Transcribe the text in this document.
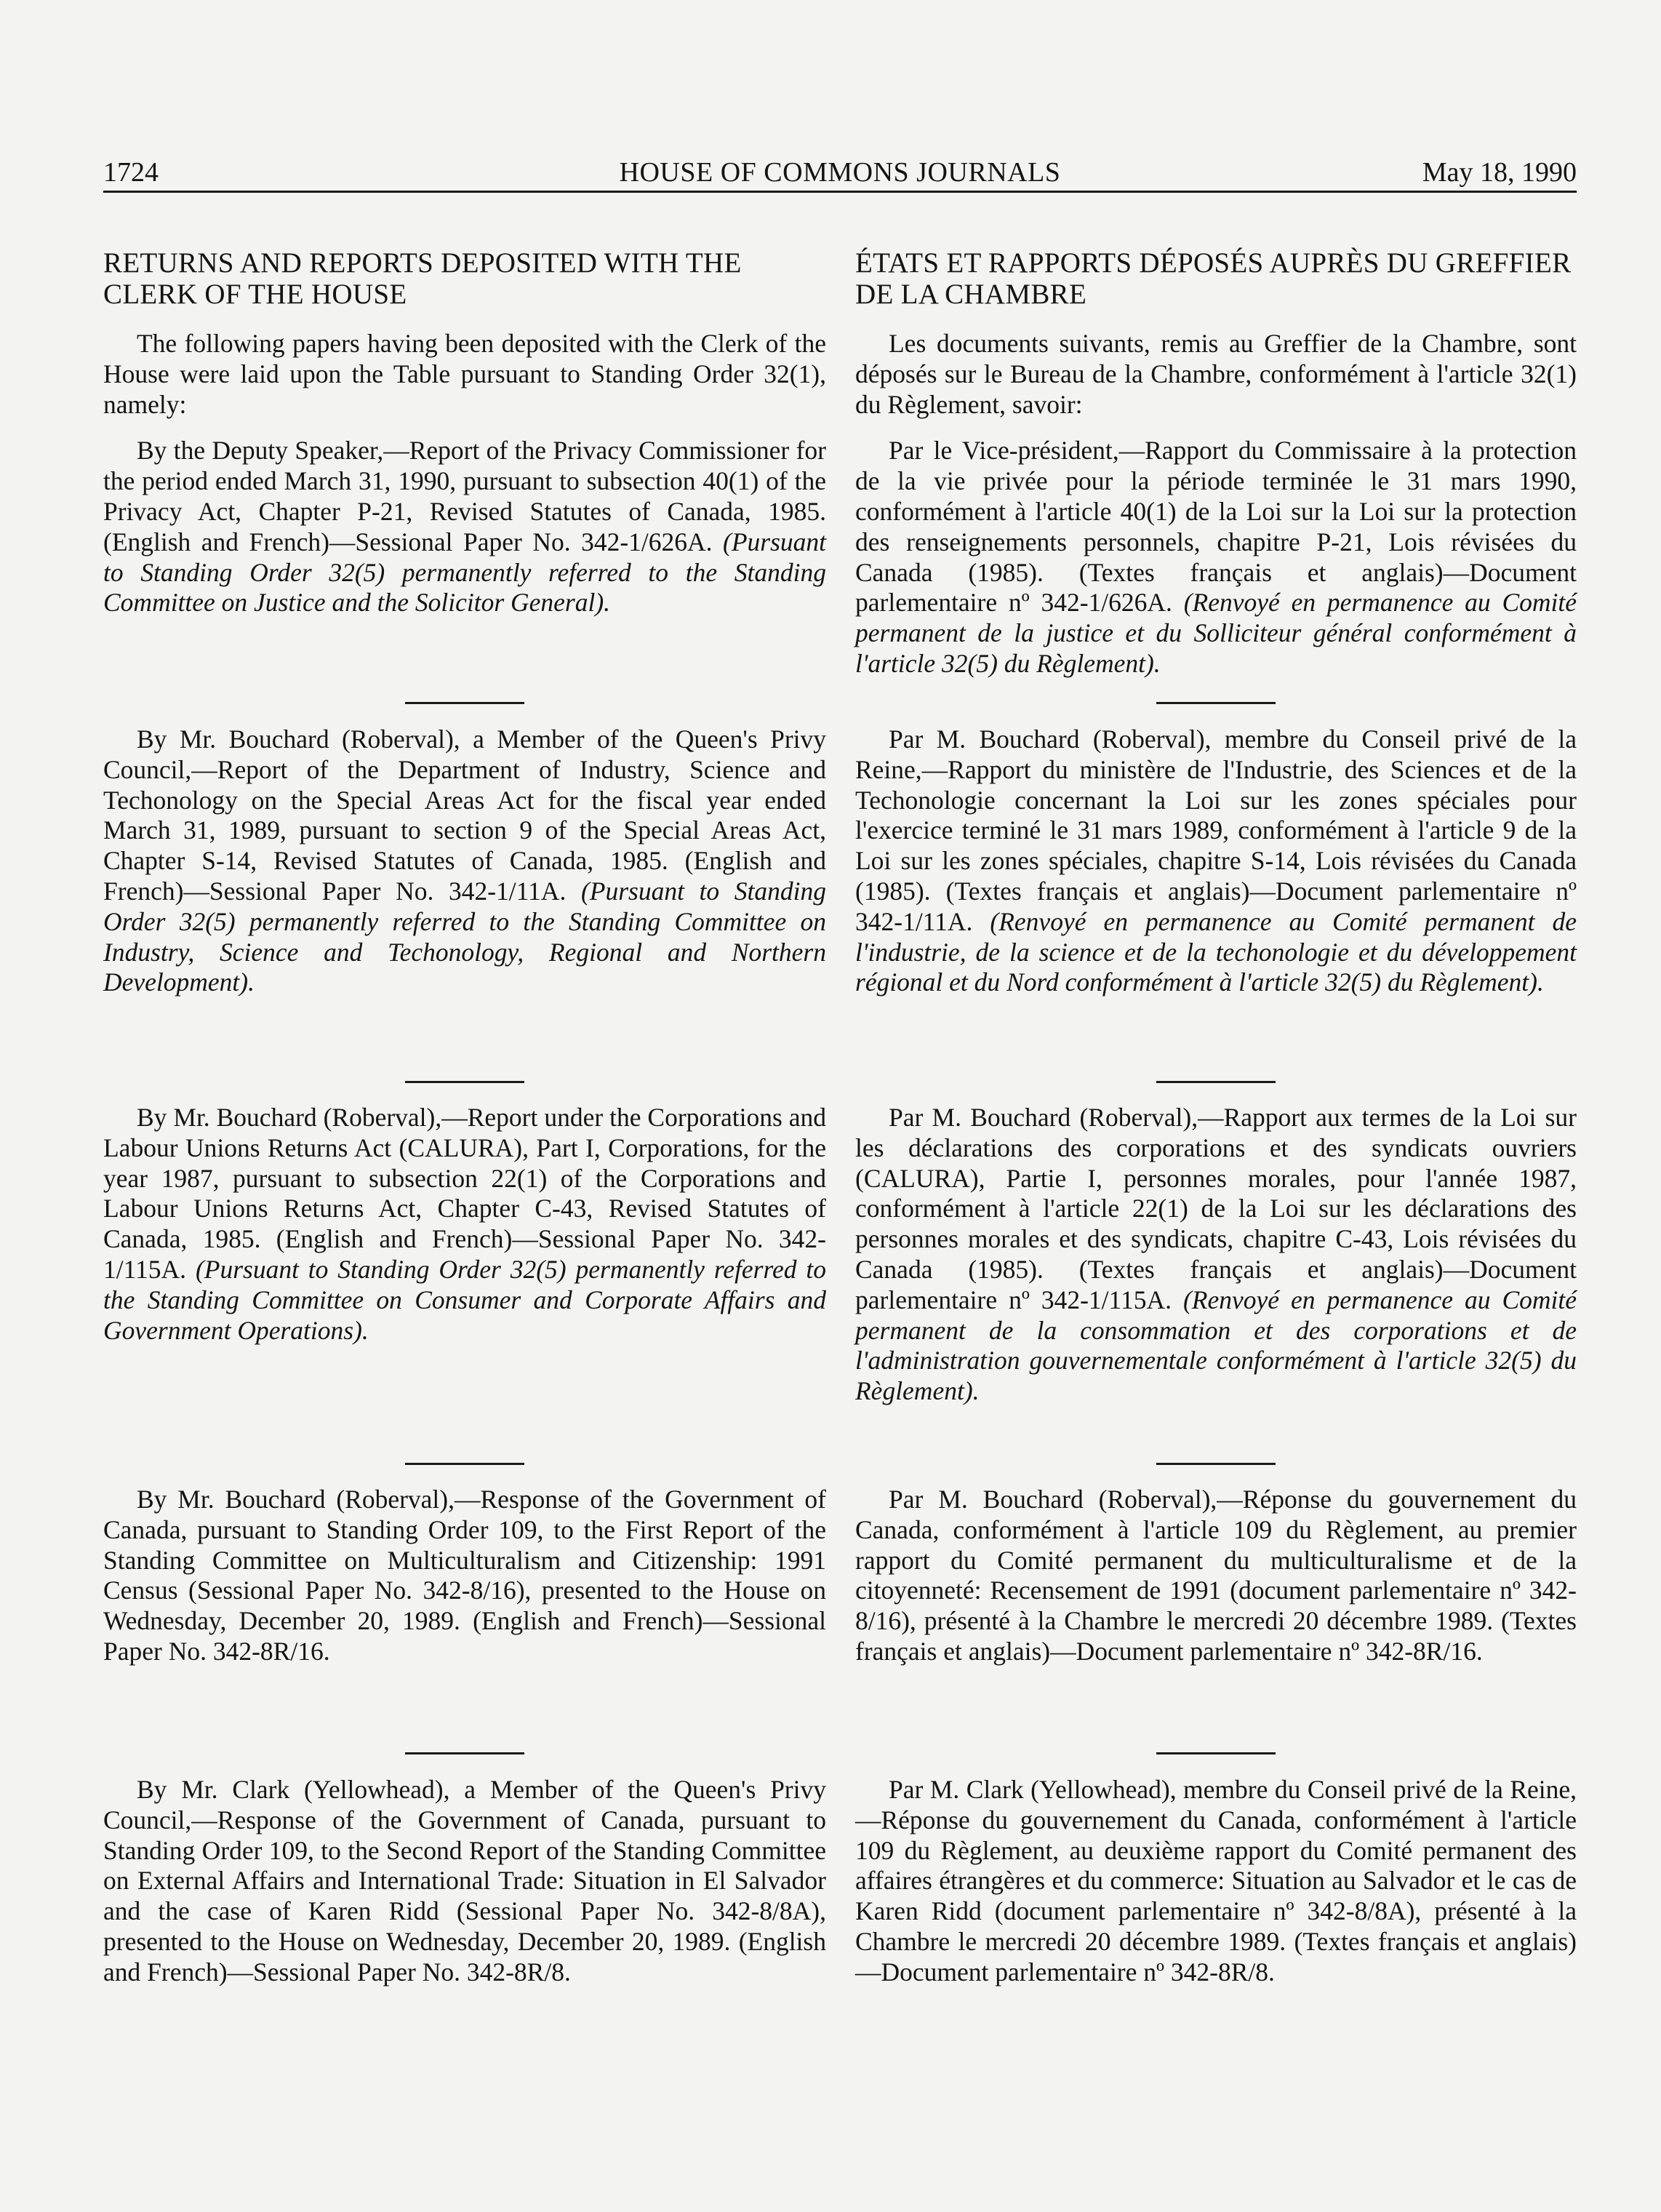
1724	HOUSE OF COMMONS JOURNALS	May 18, 1990
RETURNS AND REPORTS DEPOSITED WITH THE CLERK OF THE HOUSE

The following papers having been deposited with the Clerk of the House were laid upon the Table pursuant to Standing Order 32(1), namely:

By the Deputy Speaker,—Report of the Privacy Commissioner for the period ended March 31, 1990, pursuant to subsection 40(1) of the Privacy Act, Chapter P-21, Revised Statutes of Canada, 1985. (English and French)—Sessional Paper No. 342-1/626A. (Pursuant to Standing Order 32(5) permanently referred to the Standing Committee on Justice and the Solicitor General).

By Mr. Bouchard (Roberval), a Member of the Queen's Privy Council,—Report of the Department of Industry, Science and Techonology on the Special Areas Act for the fiscal year ended March 31, 1989, pursuant to section 9 of the Special Areas Act, Chapter S-14, Revised Statutes of Canada, 1985. (English and French)—Sessional Paper No. 342-1/11A. (Pursuant to Standing Order 32(5) permanently referred to the Standing Committee on Industry, Science and Techonology, Regional and Northern Development).

By Mr. Bouchard (Roberval),—Report under the Corporations and Labour Unions Returns Act (CALURA), Part I, Corporations, for the year 1987, pursuant to subsection 22(1) of the Corporations and Labour Unions Returns Act, Chapter C-43, Revised Statutes of Canada, 1985. (English and French)—Sessional Paper No. 342-1/115A. (Pursuant to Standing Order 32(5) permanently referred to the Standing Committee on Consumer and Corporate Affairs and Government Operations).

By Mr. Bouchard (Roberval),—Response of the Government of Canada, pursuant to Standing Order 109, to the First Report of the Standing Committee on Multiculturalism and Citizenship: 1991 Census (Sessional Paper No. 342-8/16), presented to the House on Wednesday, December 20, 1989. (English and French)—Sessional Paper No. 342-8R/16.

By Mr. Clark (Yellowhead), a Member of the Queen's Privy Council,—Response of the Government of Canada, pursuant to Standing Order 109, to the Second Report of the Standing Committee on External Affairs and International Trade: Situation in El Salvador and the case of Karen Ridd (Sessional Paper No. 342-8/8A), presented to the House on Wednesday, December 20, 1989. (English and French)—Sessional Paper No. 342-8R/8.

ÉTATS ET RAPPORTS DÉPOSÉS AUPRÈS DU GREFFIER DE LA CHAMBRE

Les documents suivants, remis au Greffier de la Chambre, sont déposés sur le Bureau de la Chambre, conformément à l'article 32(1) du Règlement, savoir:

Par le Vice-président,—Rapport du Commissaire à la protection de la vie privée pour la période terminée le 31 mars 1990, conformément à l'article 40(1) de la Loi sur la Loi sur la protection des renseignements personnels, chapitre P-21, Lois révisées du Canada (1985). (Textes français et anglais)—Document parlementaire nº 342-1/626A. (Renvoyé en permanence au Comité permanent de la justice et du Solliciteur général conformément à l'article 32(5) du Règlement).

Par M. Bouchard (Roberval), membre du Conseil privé de la Reine,—Rapport du ministère de l'Industrie, des Sciences et de la Techonologie concernant la Loi sur les zones spéciales pour l'exercice terminé le 31 mars 1989, conformément à l'article 9 de la Loi sur les zones spéciales, chapitre S-14, Lois révisées du Canada (1985). (Textes français et anglais)—Document parlementaire nº 342-1/11A. (Renvoyé en permanence au Comité permanent de l'industrie, de la science et de la techonologie et du développement régional et du Nord conformément à l'article 32(5) du Règlement).

Par M. Bouchard (Roberval),—Rapport aux termes de la Loi sur les déclarations des corporations et des syndicats ouvriers (CALURA), Partie I, personnes morales, pour l'année 1987, conformément à l'article 22(1) de la Loi sur les déclarations des personnes morales et des syndicats, chapitre C-43, Lois révisées du Canada (1985). (Textes français et anglais)—Document parlementaire nº 342-1/115A. (Renvoyé en permanence au Comité permanent de la consommation et des corporations et de l'administration gouvernementale conformément à l'article 32(5) du Règlement).

Par M. Bouchard (Roberval),—Réponse du gouvernement du Canada, conformément à l'article 109 du Règlement, au premier rapport du Comité permanent du multiculturalisme et de la citoyenneté: Recensement de 1991 (document parlementaire nº 342-8/16), présenté à la Chambre le mercredi 20 décembre 1989. (Textes français et anglais)—Document parlementaire nº 342-8R/16.

Par M. Clark (Yellowhead), membre du Conseil privé de la Reine,—Réponse du gouvernement du Canada, conformément à l'article 109 du Règlement, au deuxième rapport du Comité permanent des affaires étrangères et du commerce: Situation au Salvador et le cas de Karen Ridd (document parlementaire nº 342-8/8A), présenté à la Chambre le mercredi 20 décembre 1989. (Textes français et anglais)—Document parlementaire nº 342-8R/8.
